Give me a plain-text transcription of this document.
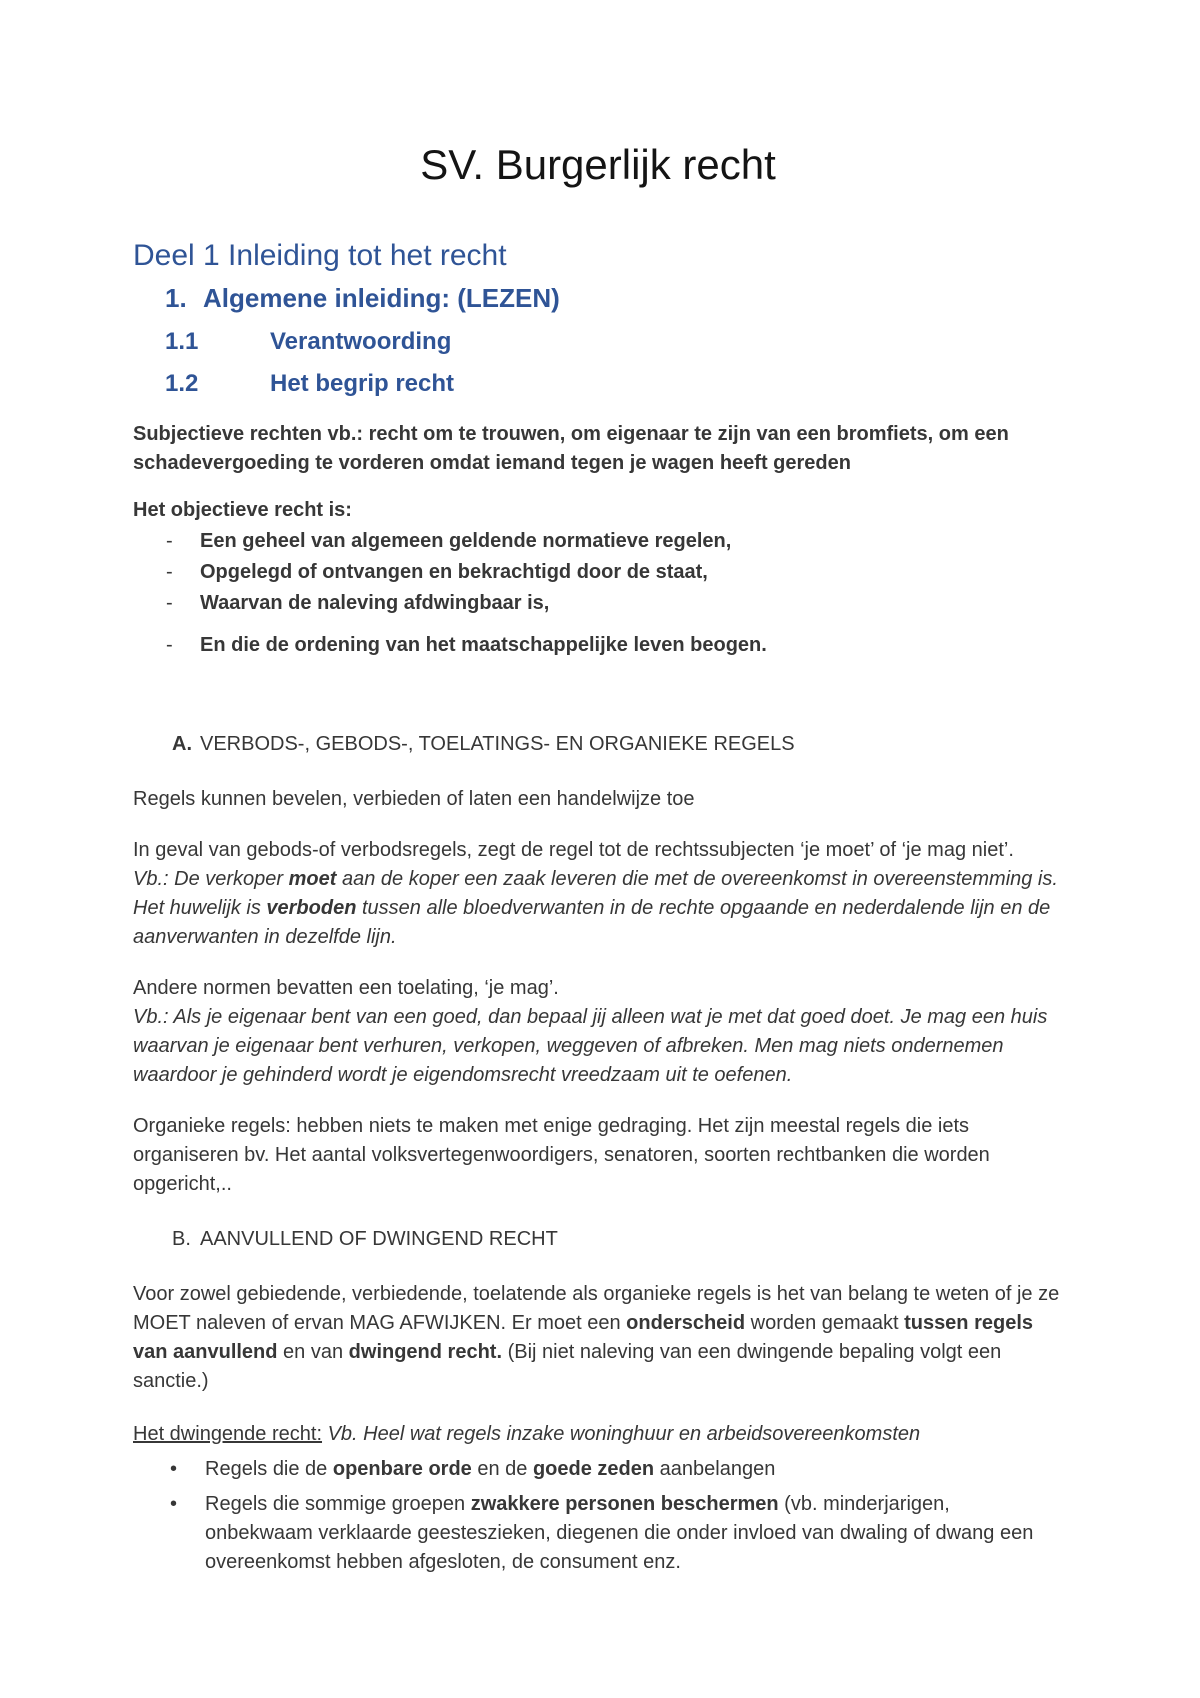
SV. Burgerlijk recht
Deel 1 Inleiding tot het recht
1. Algemene inleiding: (LEZEN)
1.1	Verantwoording
1.2	Het begrip recht

Subjectieve rechten vb.: recht om te trouwen, om eigenaar te zijn van een bromfiets, om een schadevergoeding te vorderen omdat iemand tegen je wagen heeft gereden

Het objectieve recht is:

- Een geheel van algemeen geldende normatieve regelen,
- Opgelegd of ontvangen en bekrachtigd door de staat,
- Waarvan de naleving afdwingbaar is,
- En die de ordening van het maatschappelijke leven beogen.
A. VERBODS-, GEBODS-, TOELATINGS- EN ORGANIEKE REGELS

Regels kunnen bevelen, verbieden of laten een handelwijze toe

In geval van gebods-of verbodsregels, zegt de regel tot de rechtssubjecten ‘je moet’ of ‘je mag niet’.
Vb.: De verkoper moet aan de koper een zaak leveren die met de overeenkomst in overeenstemming is. Het huwelijk is verboden tussen alle bloedverwanten in de rechte opgaande en nederdalende lijn en de aanverwanten in dezelfde lijn.

Andere normen bevatten een toelating, ‘je mag’.
Vb.: Als je eigenaar bent van een goed, dan bepaal jij alleen wat je met dat goed doet. Je mag een huis waarvan je eigenaar bent verhuren, verkopen, weggeven of afbreken. Men mag niets ondernemen waardoor je gehinderd wordt je eigendomsrecht vreedzaam uit te oefenen.

Organieke regels: hebben niets te maken met enige gedraging. Het zijn meestal regels die iets organiseren bv. Het aantal volksvertegenwoordigers, senatoren, soorten rechtbanken die worden opgericht,..

B. AANVULLEND OF DWINGEND RECHT

Voor zowel gebiedende, verbiedende, toelatende als organieke regels is het van belang te weten of je ze MOET naleven of ervan MAG AFWIJKEN. Er moet een onderscheid worden gemaakt tussen regels van aanvullend en van dwingend recht. (Bij niet naleving van een dwingende bepaling volgt een sanctie.)

Het dwingende recht: Vb. Heel wat regels inzake woninghuur en arbeidsovereenkomsten

• Regels die de openbare orde en de goede zeden aanbelangen
• Regels die sommige groepen zwakkere personen beschermen (vb. minderjarigen, onbekwaam verklaarde geesteszieken, diegenen die onder invloed van dwaling of dwang een overeenkomst hebben afgesloten, de consument enz.
